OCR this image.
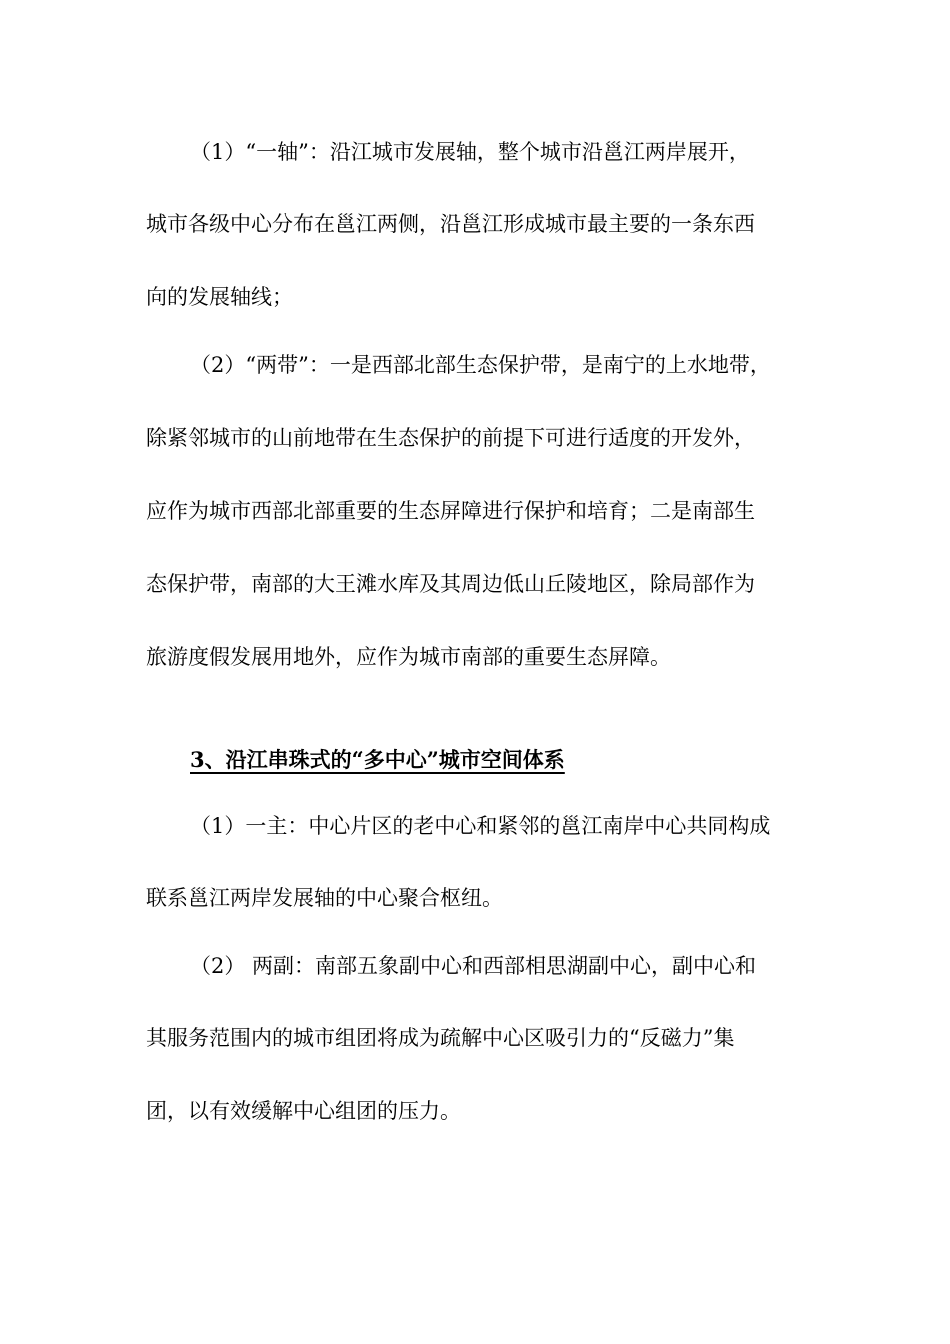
（1）“一轴”：沿江城市发展轴，整个城市沿邕江两岸展开，
城市各级中心分布在邕江两侧，沿邕江形成城市最主要的一条东西
向的发展轴线；
（2）“两带”：一是西部北部生态保护带，是南宁的上水地带，
除紧邻城市的山前地带在生态保护的前提下可进行适度的开发外，
应作为城市西部北部重要的生态屏障进行保护和培育；二是南部生
态保护带，南部的大王滩水库及其周边低山丘陵地区，除局部作为
旅游度假发展用地外，应作为城市南部的重要生态屏障。
3、沿江串珠式的“多中心”城市空间体系
（1）一主：中心片区的老中心和紧邻的邕江南岸中心共同构成
联系邕江两岸发展轴的中心聚合枢纽。
（2） 两副：南部五象副中心和西部相思湖副中心，副中心和
其服务范围内的城市组团将成为疏解中心区吸引力的“反磁力”集
团，以有效缓解中心组团的压力。
